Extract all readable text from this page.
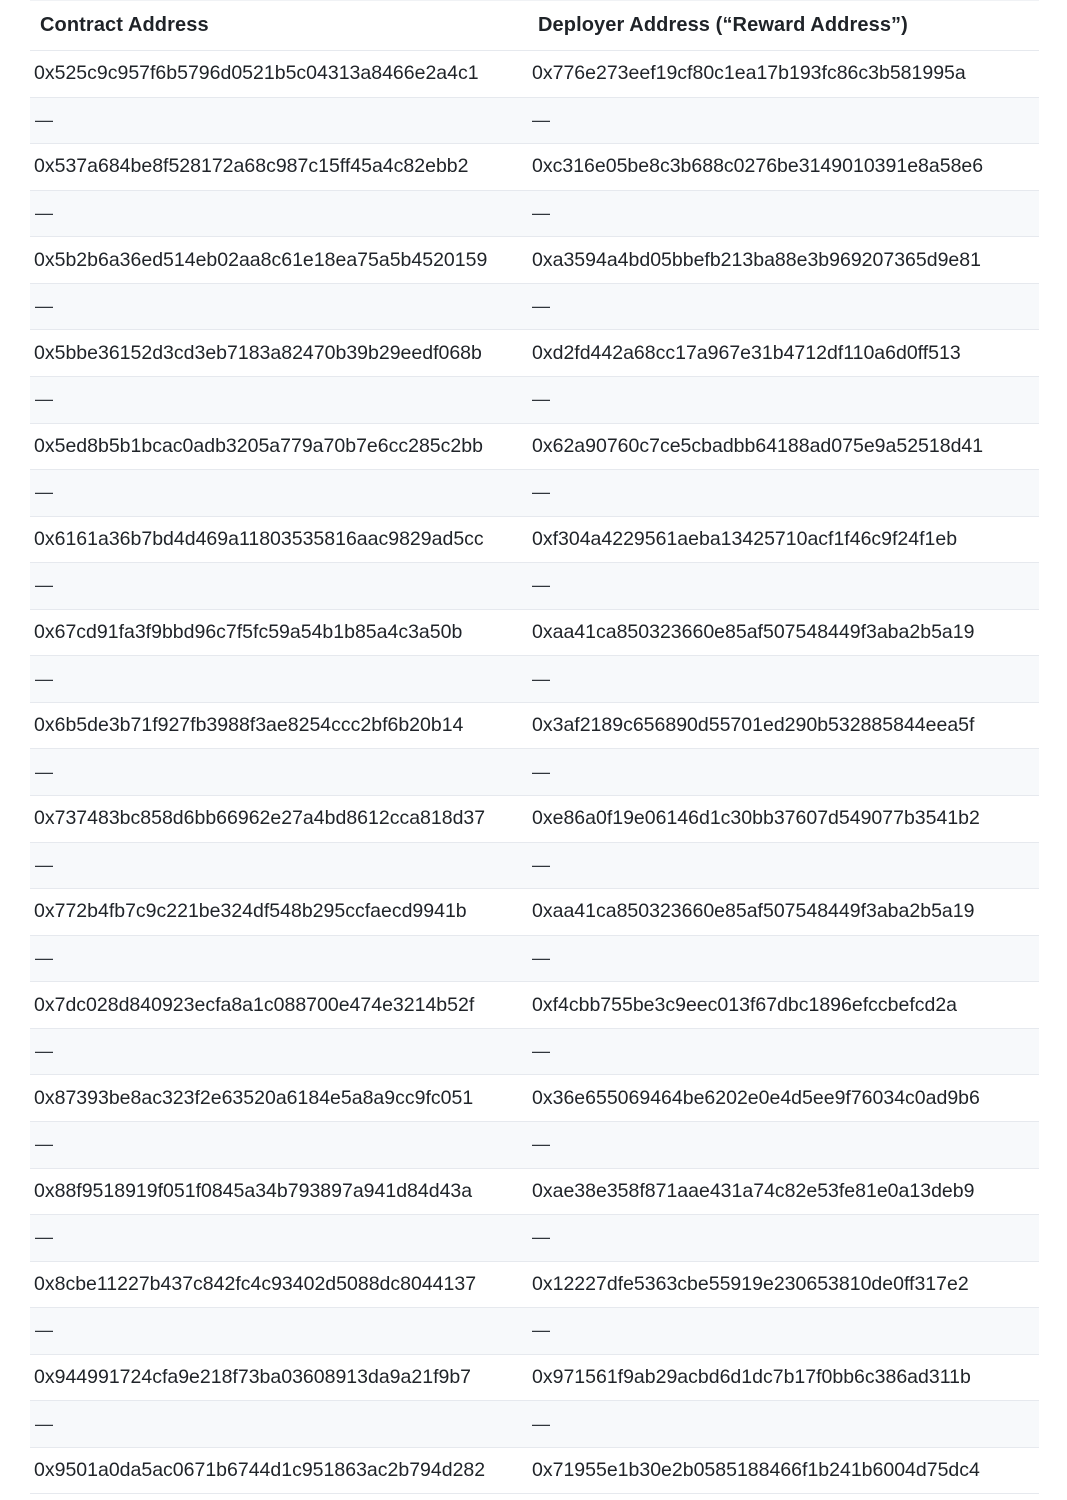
Contract Address	Deployer Address (“Reward Address”)
0x525c9c957f6b5796d0521b5c04313a8466e2a4c1	0x776e273eef19cf80c1ea17b193fc86c3b581995a
—	—
0x537a684be8f528172a68c987c15ff45a4c82ebb2	0xc316e05be8c3b688c0276be3149010391e8a58e6
—	—
0x5b2b6a36ed514eb02aa8c61e18ea75a5b4520159	0xa3594a4bd05bbefb213ba88e3b969207365d9e81
—	—
0x5bbe36152d3cd3eb7183a82470b39b29eedf068b	0xd2fd442a68cc17a967e31b4712df110a6d0ff513
—	—
0x5ed8b5b1bcac0adb3205a779a70b7e6cc285c2bb	0x62a90760c7ce5cbadbb64188ad075e9a52518d41
—	—
0x6161a36b7bd4d469a11803535816aac9829ad5cc	0xf304a4229561aeba13425710acf1f46c9f24f1eb
—	—
0x67cd91fa3f9bbd96c7f5fc59a54b1b85a4c3a50b	0xaa41ca850323660e85af507548449f3aba2b5a19
—	—
0x6b5de3b71f927fb3988f3ae8254ccc2bf6b20b14	0x3af2189c656890d55701ed290b532885844eea5f
—	—
0x737483bc858d6bb66962e27a4bd8612cca818d37	0xe86a0f19e06146d1c30bb37607d549077b3541b2
—	—
0x772b4fb7c9c221be324df548b295ccfaecd9941b	0xaa41ca850323660e85af507548449f3aba2b5a19
—	—
0x7dc028d840923ecfa8a1c088700e474e3214b52f	0xf4cbb755be3c9eec013f67dbc1896efccbefcd2a
—	—
0x87393be8ac323f2e63520a6184e5a8a9cc9fc051	0x36e655069464be6202e0e4d5ee9f76034c0ad9b6
—	—
0x88f9518919f051f0845a34b793897a941d84d43a	0xae38e358f871aae431a74c82e53fe81e0a13deb9
—	—
0x8cbe11227b437c842fc4c93402d5088dc8044137	0x12227dfe5363cbe55919e230653810de0ff317e2
—	—
0x944991724cfa9e218f73ba03608913da9a21f9b7	0x971561f9ab29acbd6d1dc7b17f0bb6c386ad311b
—	—
0x9501a0da5ac0671b6744d1c951863ac2b794d282	0x71955e1b30e2b0585188466f1b241b6004d75dc4
